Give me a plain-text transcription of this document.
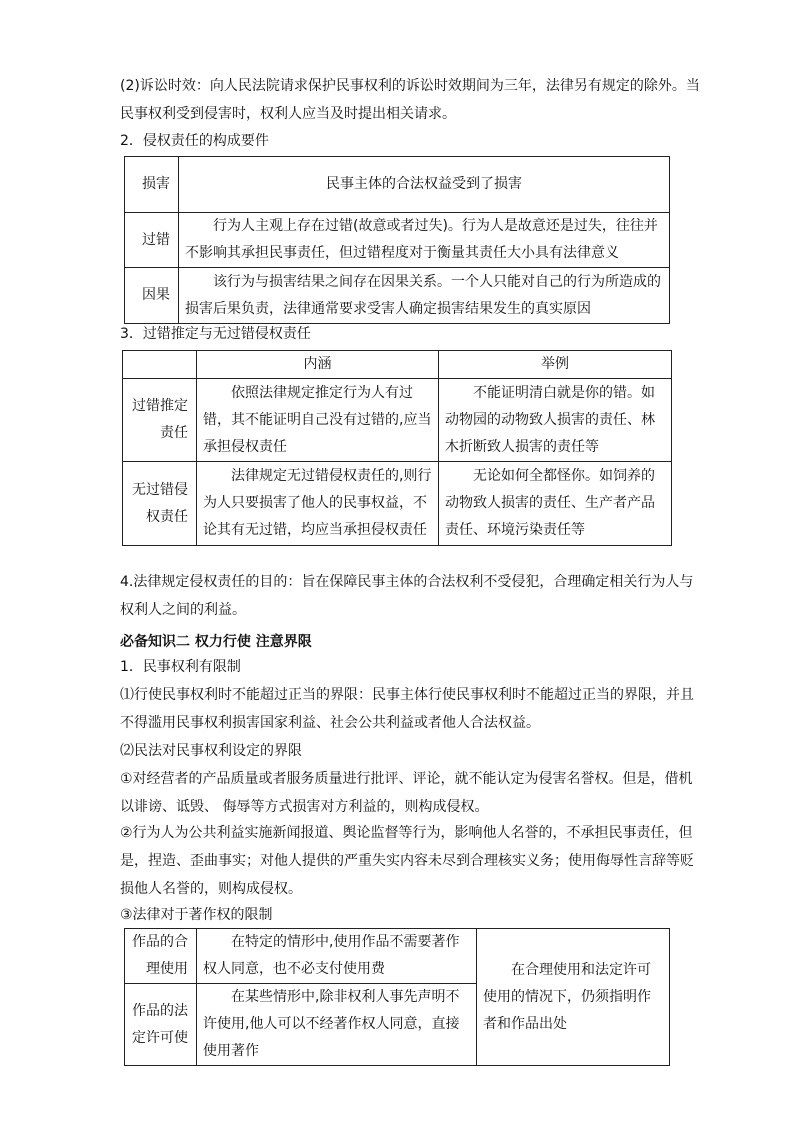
(2)诉讼时效：向人民法院请求保护民事权利的诉讼时效期间为三年，法律另有规定的除外。当民事权利受到侵害时，权利人应当及时提出相关请求。

2．侵权责任的构成要件

损害	民事主体的合法权益受到了损害
过错	行为人主观上存在过错(故意或者过失)。行为人是故意还是过失，往往并不影响其承担民事责任，但过错程度对于衡量其责任大小具有法律意义
因果	该行为与损害结果之间存在因果关系。一个人只能对自己的行为所造成的损害后果负责，法律通常要求受害人确定损害结果发生的真实原因

3．过错推定与无过错侵权责任

	内涵	举例
过错推定责任	依照法律规定推定行为人有过错，其不能证明自己没有过错的,应当承担侵权责任	不能证明清白就是你的错。如动物园的动物致人损害的责任、林木折断致人损害的责任等
无过错侵权责任	法律规定无过错侵权责任的,则行为人只要损害了他人的民事权益，不论其有无过错，均应当承担侵权责任	无论如何全都怪你。如饲养的动物致人损害的责任、生产者产品责任、环境污染责任等

4.法律规定侵权责任的目的：旨在保障民事主体的合法权利不受侵犯，合理确定相关行为人与权利人之间的利益。

必备知识二 权力行使 注意界限

1．民事权利有限制

⑴行使民事权利时不能超过正当的界限：民事主体行使民事权利时不能超过正当的界限，并且不得滥用民事权利损害国家利益、社会公共利益或者他人合法权益。

⑵民法对民事权利设定的界限

①对经营者的产品质量或者服务质量进行批评、评论，就不能认定为侵害名誉权。但是，借机以诽谤、诋毁、 侮辱等方式损害对方利益的，则构成侵权。

②行为人为公共利益实施新闻报道、舆论监督等行为，影响他人名誉的，不承担民事责任，但是，捏造、歪曲事实；对他人提供的严重失实内容未尽到合理核实义务；使用侮辱性言辞等贬损他人名誉的，则构成侵权。

③法律对于著作权的限制

作品的合理使用	在特定的情形中,使用作品不需要著作权人同意，也不必支付使用费	在合理使用和法定许可使用的情况下，仍须指明作者和作品出处
作品的法定许可使	在某些情形中,除非权利人事先声明不许使用,他人可以不经著作权人同意，直接使用著作	
